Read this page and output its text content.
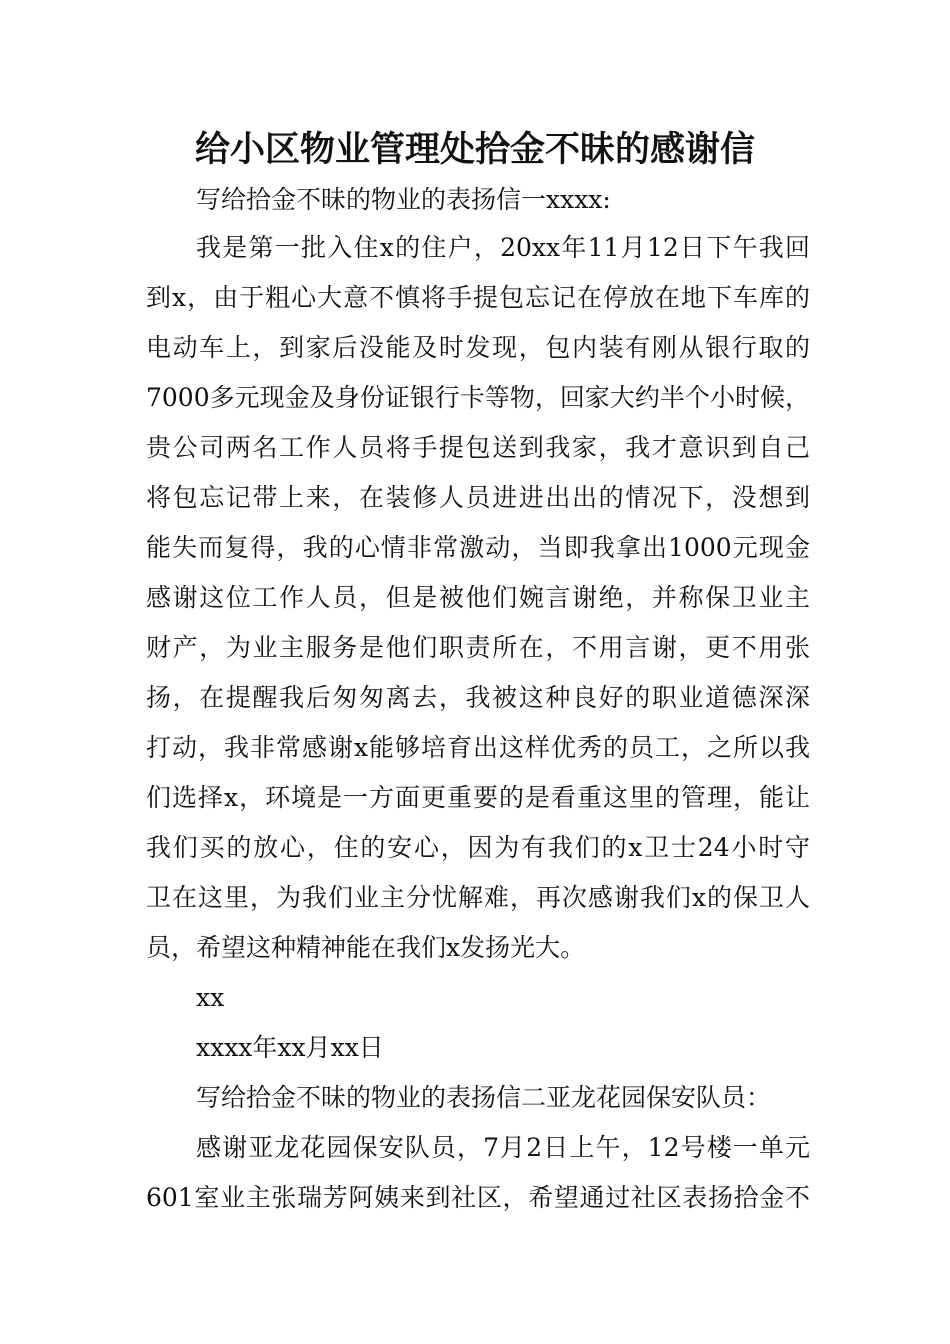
给小区物业管理处拾金不昧的感谢信
写给拾金不昧的物业的表扬信一xxxx:
我是第一批入住x的住户，20xx年11月12日下午我回
到x，由于粗心大意不慎将手提包忘记在停放在地下车库的
电动车上，到家后没能及时发现，包内装有刚从银行取的
7000多元现金及身份证银行卡等物，回家大约半个小时候，
贵公司两名工作人员将手提包送到我家，我才意识到自己
将包忘记带上来，在装修人员进进出出的情况下，没想到
能失而复得，我的心情非常激动，当即我拿出1000元现金
感谢这位工作人员，但是被他们婉言谢绝，并称保卫业主
财产，为业主服务是他们职责所在，不用言谢，更不用张
扬，在提醒我后匆匆离去，我被这种良好的职业道德深深
打动，我非常感谢x能够培育出这样优秀的员工，之所以我
们选择x，环境是一方面更重要的是看重这里的管理，能让
我们买的放心，住的安心，因为有我们的x卫士24小时守
卫在这里，为我们业主分忧解难，再次感谢我们x的保卫人
员，希望这种精神能在我们x发扬光大。
xx
xxxx年xx月xx日
写给拾金不昧的物业的表扬信二亚龙花园保安队员：
感谢亚龙花园保安队员，7月2日上午，12号楼一单元
601室业主张瑞芳阿姨来到社区，希望通过社区表扬拾金不
